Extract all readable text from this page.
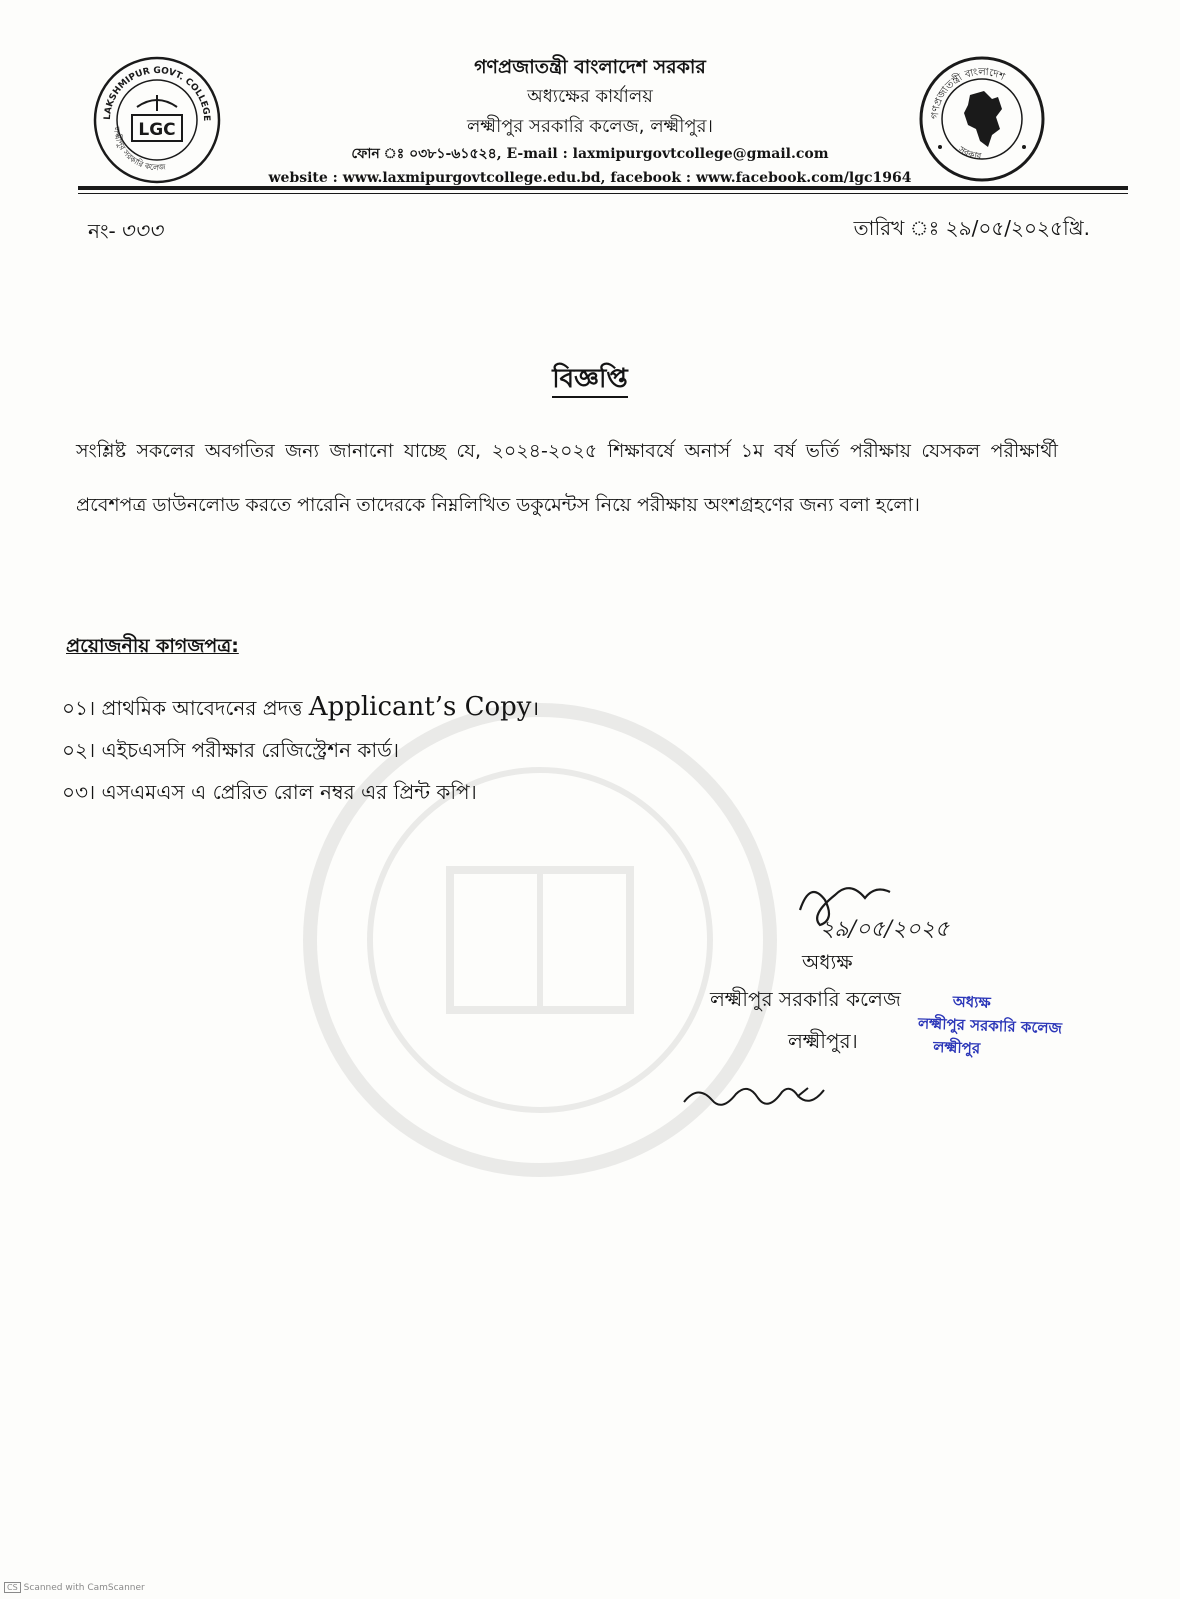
LAKSHMIPUR GOVT. COLLEGE
লক্ষ্মীপুর সরকারি কলেজ
LGC
গণপ্রজাতন্ত্রী বাংলাদেশ সরকার
অধ্যক্ষের কার্যালয়
লক্ষ্মীপুর সরকারি কলেজ, লক্ষ্মীপুর।
ফোন ঃ ০৩৮১-৬১৫২৪, E-mail : laxmipurgovtcollege@gmail.com
website : www.laxmipurgovtcollege.edu.bd, facebook : www.facebook.com/lgc1964
গণপ্রজাতন্ত্রী বাংলাদেশ
সরকার
নং- ৩৩৩	তারিখ ঃ ২৯/০৫/২০২৫খ্রি.
বিজ্ঞপ্তি
সংশ্লিষ্ট সকলের অবগতির জন্য জানানো যাচ্ছে যে, ২০২৪-২০২৫ শিক্ষাবর্ষে অনার্স ১ম বর্ষ ভর্তি পরীক্ষায় যেসকল পরীক্ষার্থী প্রবেশপত্র ডাউনলোড করতে পারেনি তাদেরকে নিম্নলিখিত ডকুমেন্টস নিয়ে পরীক্ষায় অংশগ্রহণের জন্য বলা হলো।
প্রয়োজনীয় কাগজপত্র:
০১। প্রাথমিক আবেদনের প্রদত্ত Applicant’s Copy।
০২। এইচএসসি পরীক্ষার রেজিস্ট্রেশন কার্ড।
০৩। এসএমএস এ প্রেরিত রোল নম্বর এর প্রিন্ট কপি।
২৯/০৫/২০২৫
অধ্যক্ষ
লক্ষ্মীপুর সরকারি কলেজ
লক্ষ্মীপুর।
অধ্যক্ষ
লক্ষ্মীপুর সরকারি কলেজ
লক্ষ্মীপুর
CS Scanned with CamScanner
